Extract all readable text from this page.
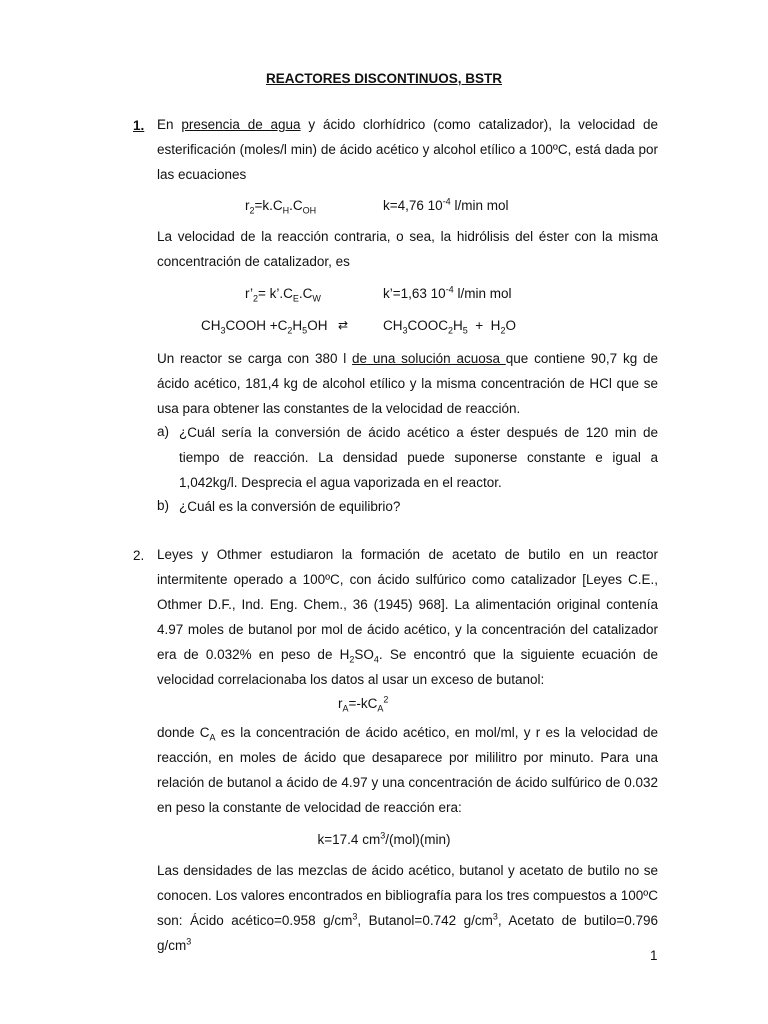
REACTORES DISCONTINUOS, BSTR
1. En presencia de agua y ácido clorhídrico (como catalizador), la velocidad de esterificación (moles/l min) de ácido acético y alcohol etílico a 100ºC, está dada por las ecuaciones
$r_2=k.C_H.C_{OH}$	k=4,76 $10^{-4}$ l/min mol
La velocidad de la reacción contraria, o sea, la hidrólisis del éster con la misma concentración de catalizador, es
$r’_2=$ $k’.C_E.C_W$	k’=1,63 $10^{-4}$ l/min mol
$CH_3COOH +C_2H_5OH$ ⇄	$CH_3COOC_2H_5 + H_2O$
Un reactor se carga con 380 l de una solución acuosa que contiene 90,7 kg de ácido acético, 181,4 kg de alcohol etílico y la misma concentración de HCl que se usa para obtener las constantes de la velocidad de reacción.
a) ¿Cuál sería la conversión de ácido acético a éster después de 120 min de tiempo de reacción. La densidad puede suponerse constante e igual a 1,042kg/l. Desprecia el agua vaporizada en el reactor.
b) ¿Cuál es la conversión de equilibrio?
2. Leyes y Othmer estudiaron la formación de acetato de butilo en un reactor intermitente operado a 100ºC, con ácido sulfúrico como catalizador [Leyes C.E., Othmer D.F., Ind. Eng. Chem., 36 (1945) 968]. La alimentación original contenía 4.97 moles de butanol por mol de ácido acético, y la concentración del catalizador era de 0.032% en peso de $H_2SO_4$. Se encontró que la siguiente ecuación de velocidad correlacionaba los datos al usar un exceso de butanol:
$r_A=-kC_A^2$
donde $C_A$ es la concentración de ácido acético, en mol/ml, y r es la velocidad de reacción, en moles de ácido que desaparece por mililitro por minuto. Para una relación de butanol a ácido de 4.97 y una concentración de ácido sulfúrico de 0.032 en peso la constante de velocidad de reacción era:
k=17.4 $cm^3/(mol)(\min)$
Las densidades de las mezclas de ácido acético, butanol y acetato de butilo no se conocen. Los valores encontrados en bibliografía para los tres compuestos a 100ºC son: Ácido acético=0.958 $g/cm^3$, Butanol=0.742 $g/cm^3$, Acetato de butilo=0.796 $g/cm^3$
1
